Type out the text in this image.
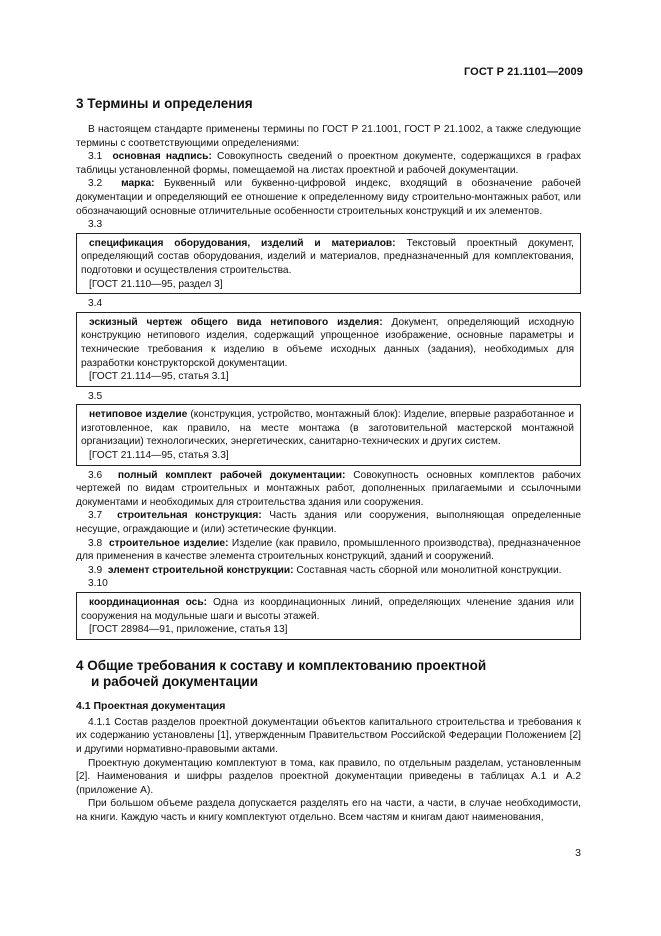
ГОСТ Р 21.1101—2009
3 Термины и определения

В настоящем стандарте применены термины по ГОСТ Р 21.1001, ГОСТ Р 21.1002, а также следующие термины с соответствующими определениями:

3.1 основная надпись: Совокупность сведений о проектном документе, содержащихся в графах таблицы установленной формы, помещаемой на листах проектной и рабочей документации.

3.2 марка: Буквенный или буквенно-цифровой индекс, входящий в обозначение рабочей документации и определяющий ее отношение к определенному виду строительно-монтажных работ, или обозначающий основные отличительные особенности строительных конструкций и их элементов.

3.3

спецификация оборудования, изделий и материалов: Текстовый проектный документ, определяющий состав оборудования, изделий и материалов, предназначенный для комплектования, подготовки и осуществления строительства.

[ГОСТ 21.110—95, раздел 3]
3.4

эскизный чертеж общего вида нетипового изделия: Документ, определяющий исходную конструкцию нетипового изделия, содержащий упрощенное изображение, основные параметры и технические требования к изделию в объеме исходных данных (задания), необходимых для разработки конструкторской документации.

[ГОСТ 21.114—95, статья 3.1]
3.5

нетиповое изделие (конструкция, устройство, монтажный блок): Изделие, впервые разработанное и изготовленное, как правило, на месте монтажа (в заготовительной мастерской монтажной организации) технологических, энергетических, санитарно-технических и других систем.

[ГОСТ 21.114—95, статья 3.3]

3.6 полный комплект рабочей документации: Совокупность основных комплектов рабочих чертежей по видам строительных и монтажных работ, дополненных прилагаемыми и ссылочными документами и необходимых для строительства здания или сооружения.

3.7 строительная конструкция: Часть здания или сооружения, выполняющая определенные несущие, ограждающие и (или) эстетические функции.

3.8 строительное изделие: Изделие (как правило, промышленного производства), предназначенное для применения в качестве элемента строительных конструкций, зданий и сооружений.

3.9 элемент строительной конструкции: Составная часть сборной или монолитной конструкции.

3.10

координационная ось: Одна из координационных линий, определяющих членение здания или сооружения на модульные шаги и высоты этажей.

[ГОСТ 28984—91, приложение, статья 13]
4 Общие требования к составу и комплектованию проектной
и рабочей документации
4.1 Проектная документация

4.1.1 Состав разделов проектной документации объектов капитального строительства и требования к их содержанию установлены [1], утвержденным Правительством Российской Федерации Положением [2] и другими нормативно-правовыми актами.

Проектную документацию комплектуют в тома, как правило, по отдельным разделам, установленным [2]. Наименования и шифры разделов проектной документации приведены в таблицах А.1 и А.2 (приложение А).

При большом объеме раздела допускается разделять его на части, а части, в случае необходимости, на книги. Каждую часть и книгу комплектуют отдельно. Всем частям и книгам дают наименования,

3
